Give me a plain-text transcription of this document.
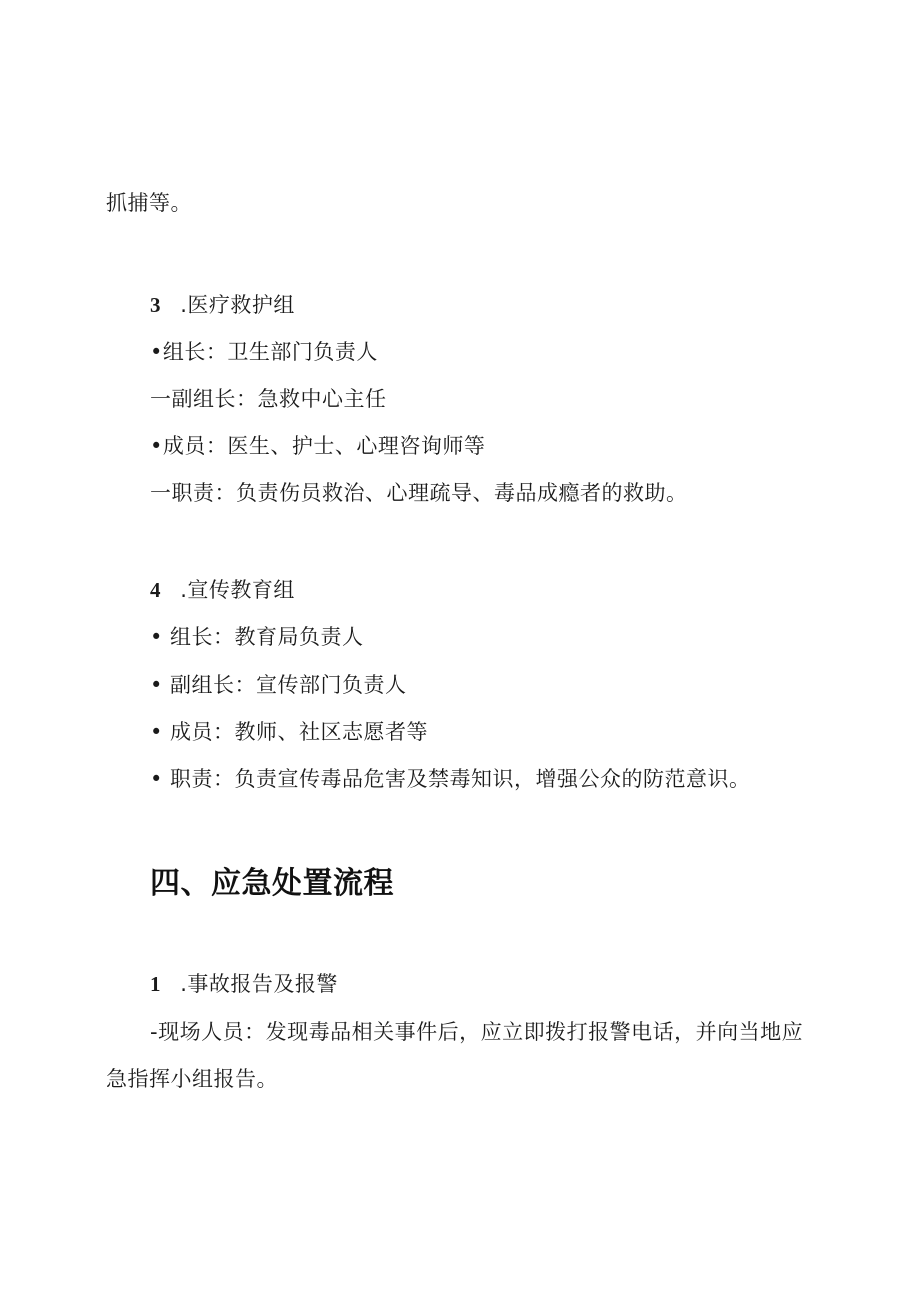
抓捕等。
3 .医疗救护组
•组长：卫生部门负责人
一副组长：急救中心主任
•成员：医生、护士、心理咨询师等
一职责：负责伤员救治、心理疏导、毒品成瘾者的救助。
4 .宣传教育组
• 组长：教育局负责人
• 副组长：宣传部门负责人
• 成员：教师、社区志愿者等
• 职责：负责宣传毒品危害及禁毒知识，增强公众的防范意识。
四、应急处置流程
1 .事故报告及报警
-现场人员：发现毒品相关事件后，应立即拨打报警电话，并向当地应
急指挥小组报告。
